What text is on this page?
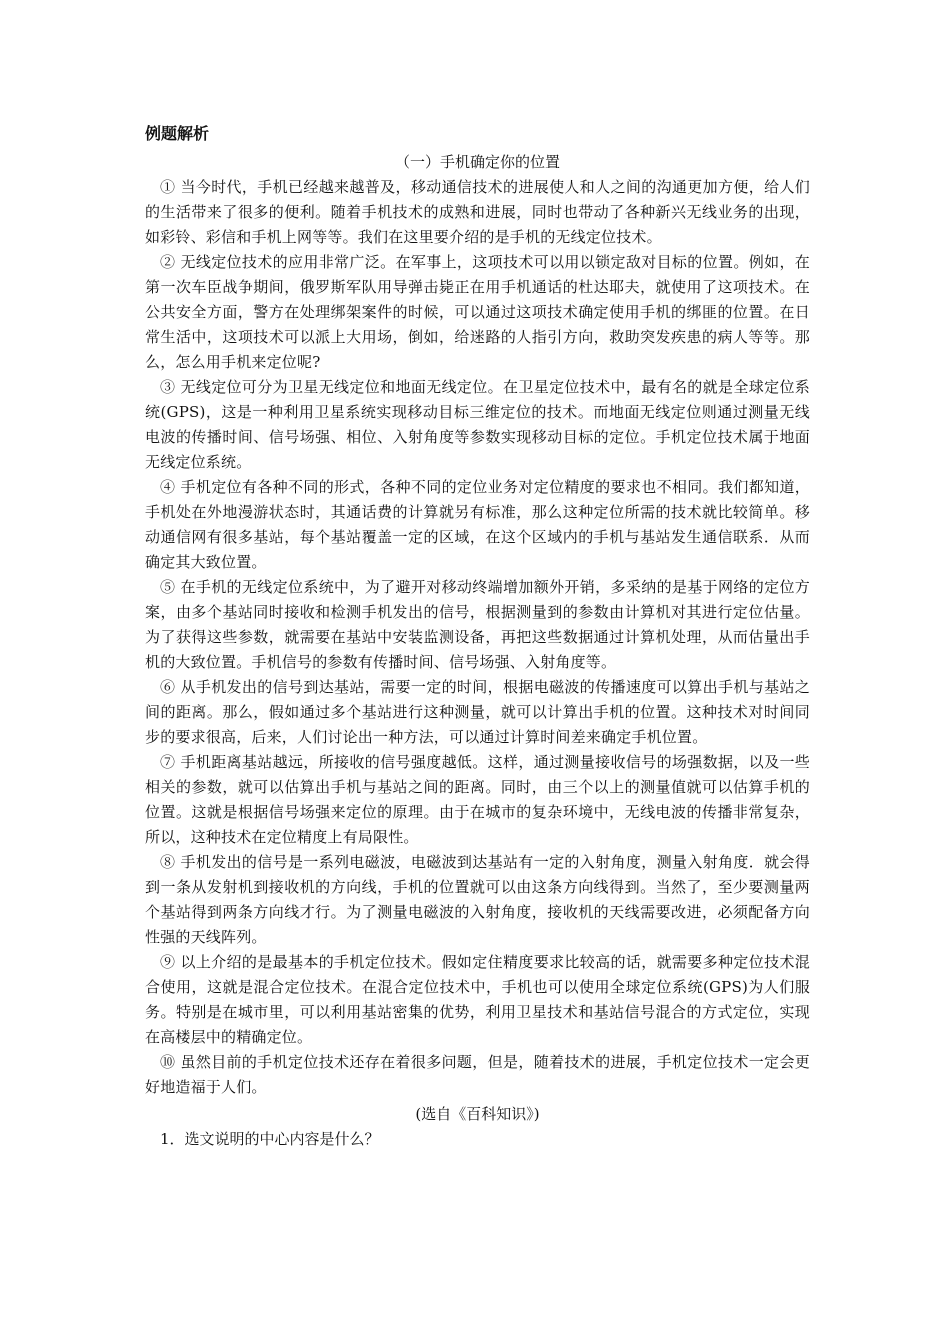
例题解析
（一）手机确定你的位置

① 当今时代，手机已经越来越普及，移动通信技术的进展使人和人之间的沟通更加方便，给人们的生活带来了很多的便利。随着手机技术的成熟和进展，同时也带动了各种新兴无线业务的出现，如彩铃、彩信和手机上网等等。我们在这里要介绍的是手机的无线定位技术。

② 无线定位技术的应用非常广泛。在军事上，这项技术可以用以锁定敌对目标的位置。例如，在第一次车臣战争期间，俄罗斯军队用导弹击毙正在用手机通话的杜达耶夫，就使用了这项技术。在公共安全方面，警方在处理绑架案件的时候，可以通过这项技术确定使用手机的绑匪的位置。在日常生活中，这项技术可以派上大用场，倒如，给迷路的人指引方向，救助突发疾患的病人等等。那么，怎么用手机来定位呢?

③ 无线定位可分为卫星无线定位和地面无线定位。在卫星定位技术中，最有名的就是全球定位系统(GPS)，这是一种利用卫星系统实现移动目标三维定位的技术。而地面无线定位则通过测量无线电波的传播时间、信号场强、相位、入射角度等参数实现移动目标的定位。手机定位技术属于地面无线定位系统。

④ 手机定位有各种不同的形式，各种不同的定位业务对定位精度的要求也不相同。我们都知道，手机处在外地漫游状态时，其通话费的计算就另有标准，那么这种定位所需的技术就比较简单。移动通信网有很多基站，每个基站覆盖一定的区域，在这个区域内的手机与基站发生通信联系．从而确定其大致位置。

⑤ 在手机的无线定位系统中，为了避开对移动终端增加额外开销，多采纳的是基于网络的定位方案，由多个基站同时接收和检测手机发出的信号，根据测量到的参数由计算机对其进行定位估量。为了获得这些参数，就需要在基站中安装监测设备，再把这些数据通过计算机处理，从而估量出手机的大致位置。手机信号的参数有传播时间、信号场强、入射角度等。

⑥ 从手机发出的信号到达基站，需要一定的时间，根据电磁波的传播速度可以算出手机与基站之间的距离。那么，假如通过多个基站进行这种测量，就可以计算出手机的位置。这种技术对时间同步的要求很高，后来，人们讨论出一种方法，可以通过计算时间差来确定手机位置。

⑦ 手机距离基站越远，所接收的信号强度越低。这样，通过测量接收信号的场强数据，以及一些相关的参数，就可以估算出手机与基站之间的距离。同时，由三个以上的测量值就可以估算手机的位置。这就是根据信号场强来定位的原理。由于在城市的复杂环境中，无线电波的传播非常复杂，所以，这种技术在定位精度上有局限性。

⑧ 手机发出的信号是一系列电磁波，电磁波到达基站有一定的入射角度，测量入射角度．就会得到一条从发射机到接收机的方向线，手机的位置就可以由这条方向线得到。当然了，至少要测量两个基站得到两条方向线才行。为了测量电磁波的入射角度，接收机的天线需要改进，必须配备方向性强的天线阵列。

⑨ 以上介绍的是最基本的手机定位技术。假如定住精度要求比较高的话，就需要多种定位技术混合使用，这就是混合定位技术。在混合定位技术中，手机也可以使用全球定位系统(GPS)为人们服务。特别是在城市里，可以利用基站密集的优势，利用卫星技术和基站信号混合的方式定位，实现在高楼层中的精确定位。

⑩ 虽然目前的手机定位技术还存在着很多问题，但是，随着技术的进展，手机定位技术一定会更好地造福于人们。

(选自《百科知识》)
1．选文说明的中心内容是什么？
